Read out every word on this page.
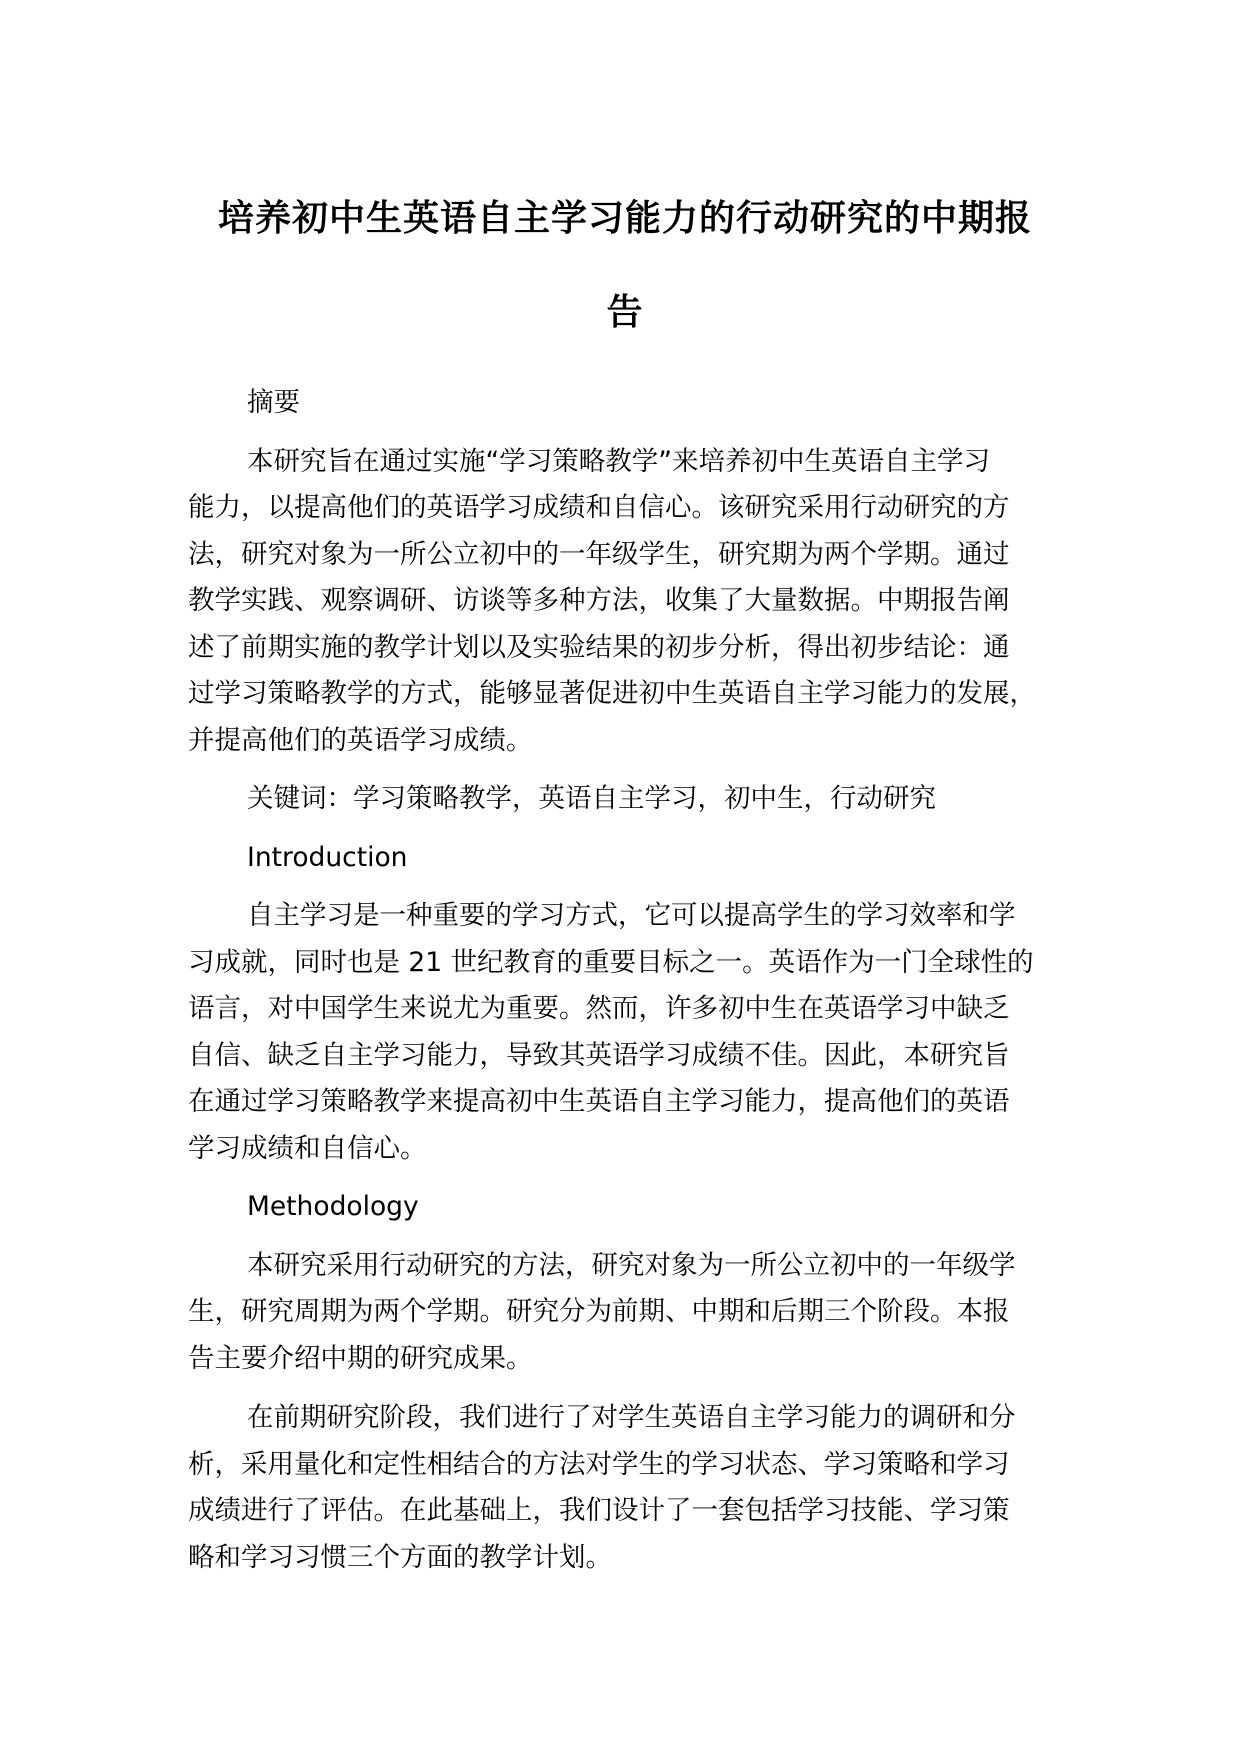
培养初中生英语自主学习能力的行动研究的中期报
告

摘要

本研究旨在通过实施“学习策略教学”来培养初中生英语自主学习
能力，以提高他们的英语学习成绩和自信心。该研究采用行动研究的方
法，研究对象为一所公立初中的一年级学生，研究期为两个学期。通过
教学实践、观察调研、访谈等多种方法，收集了大量数据。中期报告阐
述了前期实施的教学计划以及实验结果的初步分析，得出初步结论：通
过学习策略教学的方式，能够显著促进初中生英语自主学习能力的发展，
并提高他们的英语学习成绩。

关键词：学习策略教学，英语自主学习，初中生，行动研究

Introduction

自主学习是一种重要的学习方式，它可以提高学生的学习效率和学
习成就，同时也是 21 世纪教育的重要目标之一。英语作为一门全球性的
语言，对中国学生来说尤为重要。然而，许多初中生在英语学习中缺乏
自信、缺乏自主学习能力，导致其英语学习成绩不佳。因此，本研究旨
在通过学习策略教学来提高初中生英语自主学习能力，提高他们的英语
学习成绩和自信心。

Methodology

本研究采用行动研究的方法，研究对象为一所公立初中的一年级学
生，研究周期为两个学期。研究分为前期、中期和后期三个阶段。本报
告主要介绍中期的研究成果。

在前期研究阶段，我们进行了对学生英语自主学习能力的调研和分
析，采用量化和定性相结合的方法对学生的学习状态、学习策略和学习
成绩进行了评估。在此基础上，我们设计了一套包括学习技能、学习策
略和学习习惯三个方面的教学计划。
